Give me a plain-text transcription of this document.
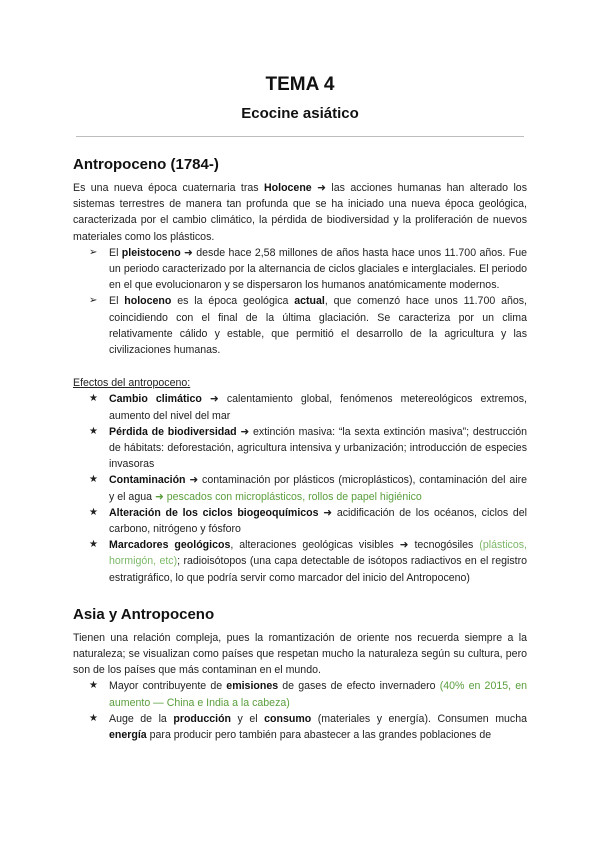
TEMA 4
Ecocine asiático
Antropoceno (1784-)

Es una nueva época cuaternaria tras Holocene ➜ las acciones humanas han alterado los sistemas terrestres de manera tan profunda que se ha iniciado una nueva época geológica, caracterizada por el cambio climático, la pérdida de biodiversidad y la proliferación de nuevos materiales como los plásticos.

➢ El pleistoceno ➜ desde hace 2,58 millones de años hasta hace unos 11.700 años. Fue un periodo caracterizado por la alternancia de ciclos glaciales e interglaciales. El periodo en el que evolucionaron y se dispersaron los humanos anatómicamente modernos.
➢ El holoceno es la época geológica actual, que comenzó hace unos 11.700 años, coincidiendo con el final de la última glaciación. Se caracteriza por un clima relativamente cálido y estable, que permitió el desarrollo de la agricultura y las civilizaciones humanas.

Efectos del antropoceno:

★ Cambio climático ➜ calentamiento global, fenómenos metereológicos extremos, aumento del nivel del mar
★ Pérdida de biodiversidad ➜ extinción masiva: “la sexta extinción masiva”; destrucción de hábitats: deforestación, agricultura intensiva y urbanización; introducción de especies invasoras
★ Contaminación ➜ contaminación por plásticos (microplásticos), contaminación del aire y el agua ➜ pescados con microplásticos, rollos de papel higiénico
★ Alteración de los ciclos biogeoquímicos ➜ acidificación de los océanos, ciclos del carbono, nitrógeno y fósforo
★ Marcadores geológicos, alteraciones geológicas visibles ➜ tecnogósiles (plásticos, hormigón, etc); radioisótopos (una capa detectable de isótopos radiactivos en el registro estratigráfico, lo que podría servir como marcador del inicio del Antropoceno)
Asia y Antropoceno

Tienen una relación compleja, pues la romantización de oriente nos recuerda siempre a la naturaleza; se visualizan como países que respetan mucho la naturaleza según su cultura, pero son de los países que más contaminan en el mundo.

★ Mayor contribuyente de emisiones de gases de efecto invernadero (40% en 2015, en aumento — China e India a la cabeza)
★ Auge de la producción y el consumo (materiales y energía). Consumen mucha energía para producir pero también para abastecer a las grandes poblaciones de
